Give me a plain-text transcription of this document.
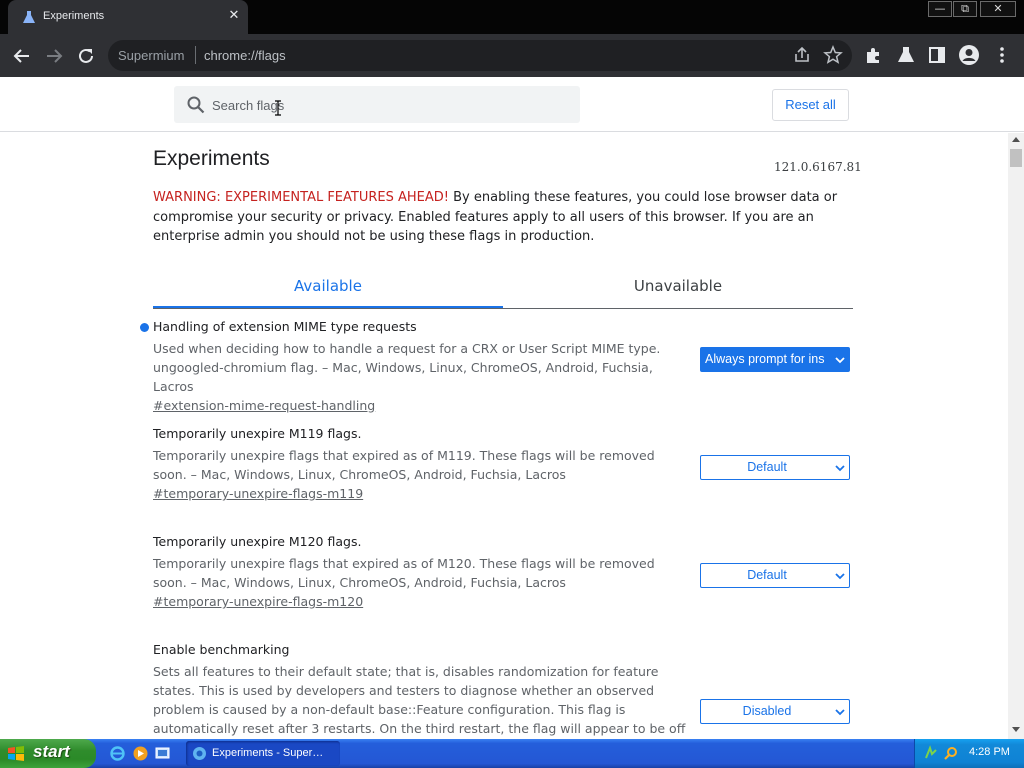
Experiments	✕	—	⧉	✕
Supermium chrome://flags
Search flags
Reset all
Experiments	121.0.6167.81
WARNING: EXPERIMENTAL FEATURES AHEAD! By enabling these features, you could lose browser data or compromise your security or privacy. Enabled features apply to all users of this browser. If you are an enterprise admin you should not be using these flags in production.
Available	Unavailable
Handling of extension MIME type requests
Used when deciding how to handle a request for a CRX or User Script MIME type. ungoogled-chromium flag. – Mac, Windows, Linux, ChromeOS, Android, Fuchsia, Lacros
#extension-mime-request-handling
Always prompt for ins
Temporarily unexpire M119 flags.
Temporarily unexpire flags that expired as of M119. These flags will be removed soon. – Mac, Windows, Linux, ChromeOS, Android, Fuchsia, Lacros
#temporary-unexpire-flags-m119
Default
Temporarily unexpire M120 flags.
Temporarily unexpire flags that expired as of M120. These flags will be removed soon. – Mac, Windows, Linux, ChromeOS, Android, Fuchsia, Lacros
#temporary-unexpire-flags-m120
Default
Enable benchmarking
Sets all features to their default state; that is, disables randomization for feature states. This is used by developers and testers to diagnose whether an observed problem is caused by a non-default base::Feature configuration. This flag is automatically reset after 3 restarts. On the third restart, the flag will appear to be off
Disabled
start	Experiments - Super…	4:28 PM
